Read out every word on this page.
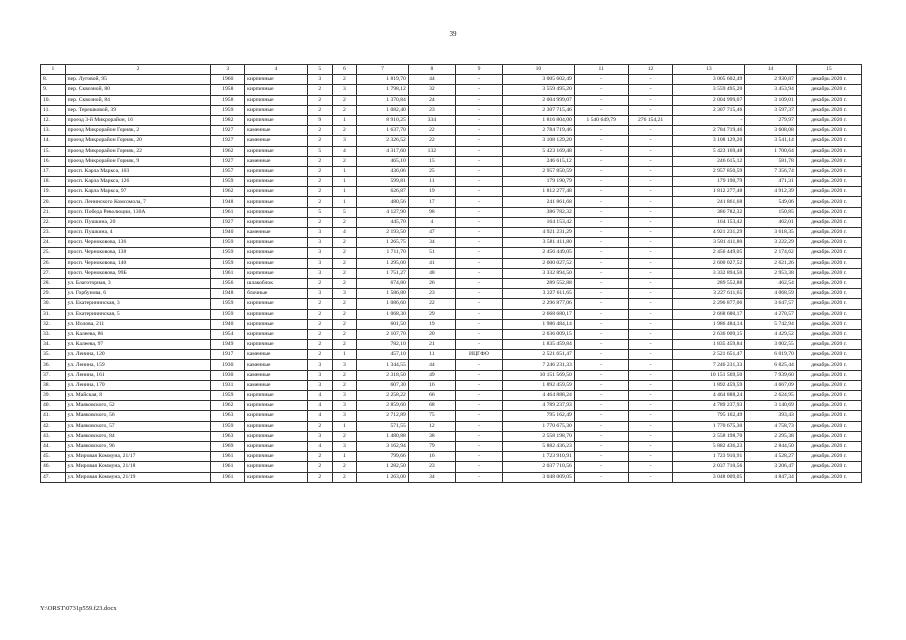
39
1	2	3	4	5	6	7	8	9	10	11	12	13	14	15
8.	пер. Луговой, 95	1960	кирпичные	3	2	1 819,70	44	-	3 005 602,49	-	-	3 005 602,49	2 930,87	декабрь 2020 г.
9.	пер. Сквозной, 80	1958	кирпичные	2	3	1 798,12	32	-	3 559 495,20	-	-	3 559 495,20	3 453,94	декабрь 2020 г.
10.	пер. Сквозной, 84	1958	кирпичные	2	2	1 370,84	24	-	2 004 999,07	-	-	2 004 999,07	3 109,01	декабрь 2020 г.
11.	пер. Терешковой, 39	1959	кирпичные	2	2	1 082,40	23	-	2 307 715,46	-	-	2 307 715,46	3 597,37	декабрь 2020 г.
12.	проезд 3-й Микрорайон, 16	1982	кирпичные	9	1	8 910,25	334	-	1 816 804,00	1 540 649,79	276 154,21	-	279,97	декабрь 2020 г.
13.	проезд Микрорайон Горняк, 2	1927	каменные	2	2	1 637,70	22	-	2 784 719,46	-	-	2 784 719,46	3 608,08	декабрь 2020 г.
14.	проезд Микрорайон Горняк, 20	1927	каменные	2	3	2 326,52	22	-	3 108 129,20	-	-	3 108 129,20	3 541,14	декабрь 2020 г.
15.	проезд Микрорайон Горняк, 22	1962	кирпичные	5	4	4 317,60	132	-	5 423 169,48	-	-	5 423 169,48	1 700,64	декабрь 2020 г.
16.	проезд Микрорайон Горняк, 9	1927	каменные	2	2	465,10	15	-	246 615,12	-	-	246 615,12	581,78	декабрь 2020 г.
17.	просп. Карла Маркса, 103	1957	кирпичные	2	1	436,06	25	-	2 957 850,59	-	-	2 957 850,59	7 356,74	декабрь 2020 г.
18.	просп. Карла Маркса, 126	1959	кирпичные	2	1	599,81	11	-	179 190,79	-	-	179 190,79	471,31	декабрь 2020 г.
19.	просп. Карла Маркса, 97	1962	кирпичные	2	1	626,87	19	-	1 812 277,48	-	-	1 812 277,48	4 912,39	декабрь 2020 г.
20.	просп. Ленинского Комсомола, 7	1948	кирпичные	2	1	480,56	17	-	241 861,68	-	-	241 861,68	549,06	декабрь 2020 г.
21.	просп. Победа Революции, 130А	1961	кирпичные	5	5	4 127,90	98	-	386 782,32	-	-	386 782,32	150,85	декабрь 2020 г.
22.	просп. Пушкина, 20	1927	кирпичные	2	2	445,70	4	-	164 153,42	-	-	164 153,42	462,01	декабрь 2020 г.
23.	просп. Пушкина, 4	1940	каменные	3	4	2 193,50	47	-	4 921 231,29	-	-	4 921 231,29	3 618,35	декабрь 2020 г.
24.	просп. Черноковова, 136	1959	кирпичные	3	2	1 265,75	34	-	3 581 411,80	-	-	3 581 411,80	3 222,29	декабрь 2020 г.
25.	просп. Черноковова, 138	1959	кирпичные	3	2	1 711,70	51	-	2 456 449,05	-	-	2 456 449,05	2 174,62	декабрь 2020 г.
26.	просп. Черноковова, 140	1959	кирпичные	3	2	1 295,00	41	-	2 600 027,52	-	-	2 600 027,52	2 621,26	декабрь 2020 г.
27.	просп. Черноковова, 99Б	1961	кирпичные	3	2	1 751,27	48	-	3 332 894,50	-	-	3 332 894,50	2 953,38	декабрь 2020 г.
28.	ул. Благоторная, 3	1956	шлакоблок	2	2	674,80	26	-	289 552,88	-	-	289 552,88	462,54	декабрь 2020 г.
29.	ул. Горбунова, 6	1948	блочные	3	3	1 586,80	23	-	3 227 611,65	-	-	3 227 611,65	4 068,59	декабрь 2020 г.
30.	ул. Екатерининская, 3	1959	кирпичные	2	2	1 086,60	22	-	2 296 877,06	-	-	2 296 877,06	3 647,57	декабрь 2020 г.
31.	ул. Екатерининская, 5	1959	кирпичные	2	2	1 068,30	29	-	2 668 680,17	-	-	2 668 680,17	4 270,57	декабрь 2020 г.
32.	ул. Иолова, 211	1940	кирпичные	2	2	601,50	19	-	1 986 484,14	-	-	1 986 484,14	5 742,94	декабрь 2020 г.
33.	ул. Калеева, 86	1954	кирпичные	2	2	2 107,70	20	-	2 636 009,15	-	-	2 636 009,15	4 429,52	декабрь 2020 г.
34.	ул. Калеева, 97	1949	кирпичные	2	2	782,10	21	-	1 835 459,84	-	-	1 835 459,84	3 002,55	декабрь 2020 г.
35.	ул. Ленина, 120	1917	каменные	2	1	457,10	11	ИЦГФО	2 521 651,47	-	-	2 521 651,47	6 019,70	декабрь 2020 г.
36.	ул. Ленина, 159	1930	каменные	3	3	1 344,55	44	-	7 246 231,33	-	-	7 246 231,33	6 825,44	декабрь 2020 г.
37.	ул. Ленина, 161	1930	каменные	3	2	2 318,50	49	-	10 151 569,50	-	-	10 151 569,50	7 939,60	декабрь 2020 г.
38.	ул. Ленина, 170	1931	каменные	3	2	607,30	16	-	1 892 459,59	-	-	1 892 459,59	4 667,09	декабрь 2020 г.
39.	ул. Майская, 8	1959	кирпичные	4	3	2 258,22	66	-	4 464 888,24	-	-	4 464 888,24	2 624,95	декабрь 2020 г.
40.	ул. Маяковского, 52	1962	кирпичные	4	3	2 859,60	68	-	4 789 237,93	-	-	4 789 237,93	3 140,69	декабрь 2020 г.
41.	ул. Маяковского, 56	1963	кирпичные	4	3	2 712,89	75	-	795 162,49	-	-	795 162,49	393,43	декабрь 2020 г.
42.	ул. Маяковского, 57	1959	кирпичные	2	1	571,55	12	-	1 770 675,30	-	-	1 770 675,30	4 758,73	декабрь 2020 г.
43.	ул. Маяковского, 84	1963	кирпичные	3	2	1 480,88	38	-	2 558 198,70	-	-	2 558 198,70	2 295,38	декабрь 2020 г.
44.	ул. Маяковского, 96	1969	кирпичные	4	3	3 162,94	79	-	5 882 436,23	-	-	5 882 436,23	2 844,50	декабрь 2020 г.
45.	ул. Мировая Коммуна, 21/17	1961	кирпичные	2	1	799,66	16	-	1 723 910,91	-	-	1 723 910,91	4 528,27	декабрь 2020 г.
46.	ул. Мировая Коммуна, 21/18	1961	кирпичные	2	2	1 282,50	23	-	2 037 710,56	-	-	2 037 710,56	3 206,47	декабрь 2020 г.
47.	ул. Мировая Коммуна, 21/19	1961	кирпичные	2	2	1 263,00	34	-	3 048 009,05	-	-	3 048 009,05	4 847,34	декабрь 2020 г.
Y:\ORST\0731p559.f23.docx
